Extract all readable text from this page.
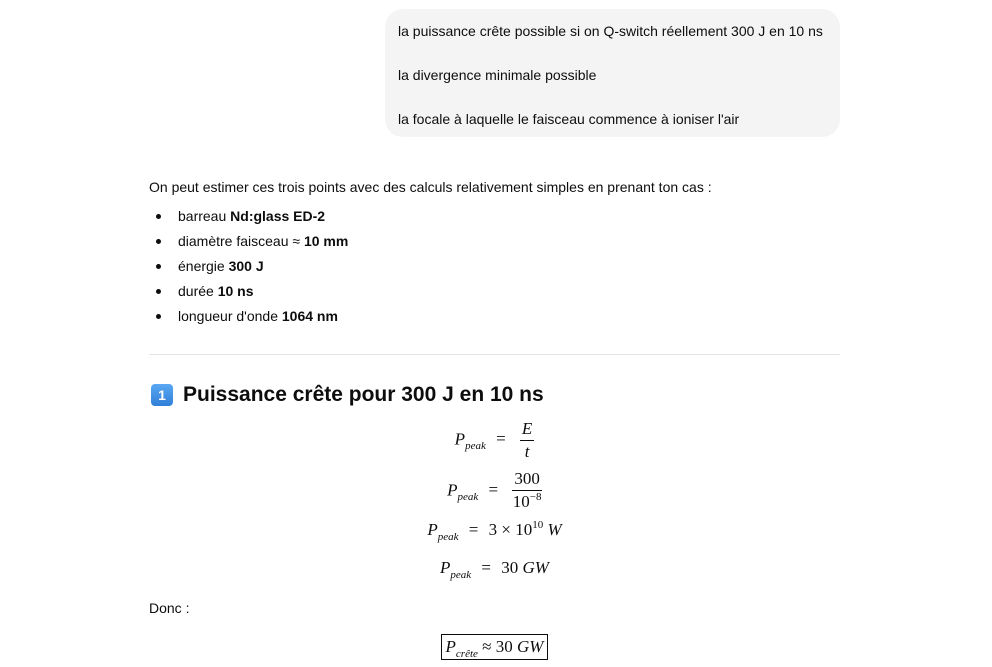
la puissance crête possible si on Q-switch réellement 300 J en 10 ns

la divergence minimale possible

la focale à laquelle le faisceau commence à ioniser l'air

On peut estimer ces trois points avec des calculs relativement simples en prenant ton cas :

barreau Nd:glass ED-2
diamètre faisceau ≈ 10 mm
énergie 300 J
durée 10 ns
longueur d'onde 1064 nm
1 Puissance crête pour 300 J en 10 ns
$P_{peak} = \frac{E}{t}$
$P_{peak} = \frac{300}{10^{-8}}$
$P_{peak} = 3 \times 10^{10}$ W
$P_{peak} = 30$ GW

Donc :

$P_{crête} \approx 30$ GW
